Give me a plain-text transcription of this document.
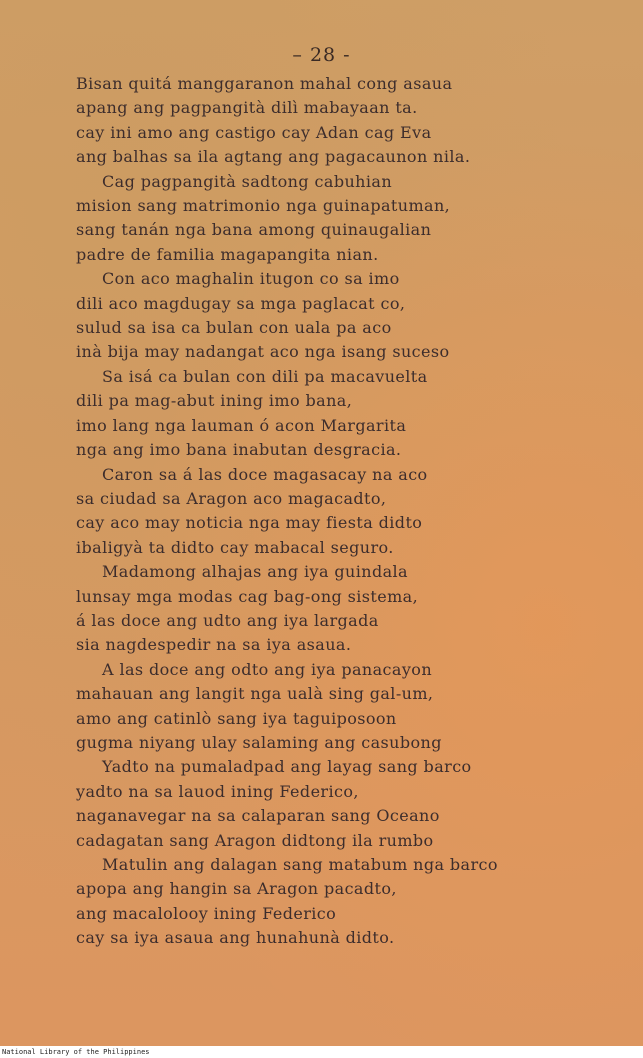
– 28 -
Bisan quitá manggaranon mahal cong asaua
apang ang pagpangità dilì mabayaan ta.
cay ini amo ang castigo cay Adan cag Eva
ang balhas sa ila agtang ang pagacaunon nila.
Cag pagpangità sadtong cabuhian
mision sang matrimonio nga guinapatuman,
sang tanán nga bana among quinaugalian
padre de familia magapangita nian.
Con aco maghalin itugon co sa imo
dili aco magdugay sa mga paglacat co,
sulud sa isa ca bulan con uala pa aco
inà bija may nadangat aco nga isang suceso
Sa isá ca bulan con dili pa macavuelta
dili pa mag-abut ining imo bana,
imo lang nga lauman ó acon Margarita
nga ang imo bana inabutan desgracia.
Caron sa á las doce magasacay na aco
sa ciudad sa Aragon aco magacadto,
cay aco may noticia nga may fiesta didto
ibaligyà ta didto cay mabacal seguro.
Madamong alhajas ang iya guindala
lunsay mga modas cag bag-ong sistema,
á las doce ang udto ang iya largada
sia nagdespedir na sa iya asaua.
A las doce ang odto ang iya panacayon
mahauan ang langit nga ualà sing gal-um,
amo ang catinlò sang iya taguiposoon
gugma niyang ulay salaming ang casubong
Yadto na pumaladpad ang layag sang barco
yadto na sa lauod ining Federico,
naganavegar na sa calaparan sang Oceano
cadagatan sang Aragon didtong ila rumbo
Matulin ang dalagan sang matabum nga barco
apopa ang hangin sa Aragon pacadto,
ang macalolooy ining Federico
cay sa iya asaua ang hunahunà didto.
National Library of the Philippines
